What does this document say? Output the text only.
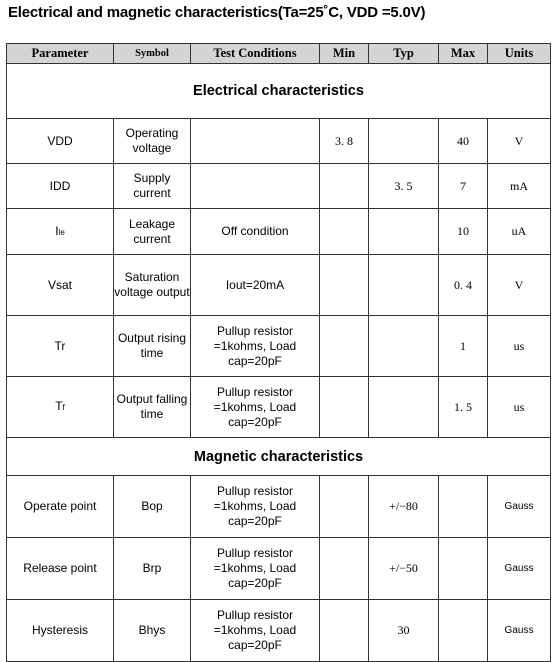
Electrical and magnetic characteristics(Ta=25˚C, VDD =5.0V)
Parameter	Symbol	Test Conditions	Min	Typ	Max	Units
Electrical characteristics						
VDD	Operating voltage		3. 8		40	V
IDD	Supply current			3. 5	7	mA
Ile	Leakage current	Off condition			10	uA
Vsat	Saturation voltage output	Iout=20mA			0. 4	V
Tr	Output rising time	Pullup resistor =1kohms, Load cap=20pF			1	us
Tf	Output falling time	Pullup resistor =1kohms, Load cap=20pF			1. 5	us
Magnetic characteristics						
Operate point	Bop	Pullup resistor =1kohms, Load cap=20pF		+/−80		Gauss
Release point	Brp	Pullup resistor =1kohms, Load cap=20pF		+/−50		Gauss
Hysteresis	Bhys	Pullup resistor =1kohms, Load cap=20pF		30		Gauss
